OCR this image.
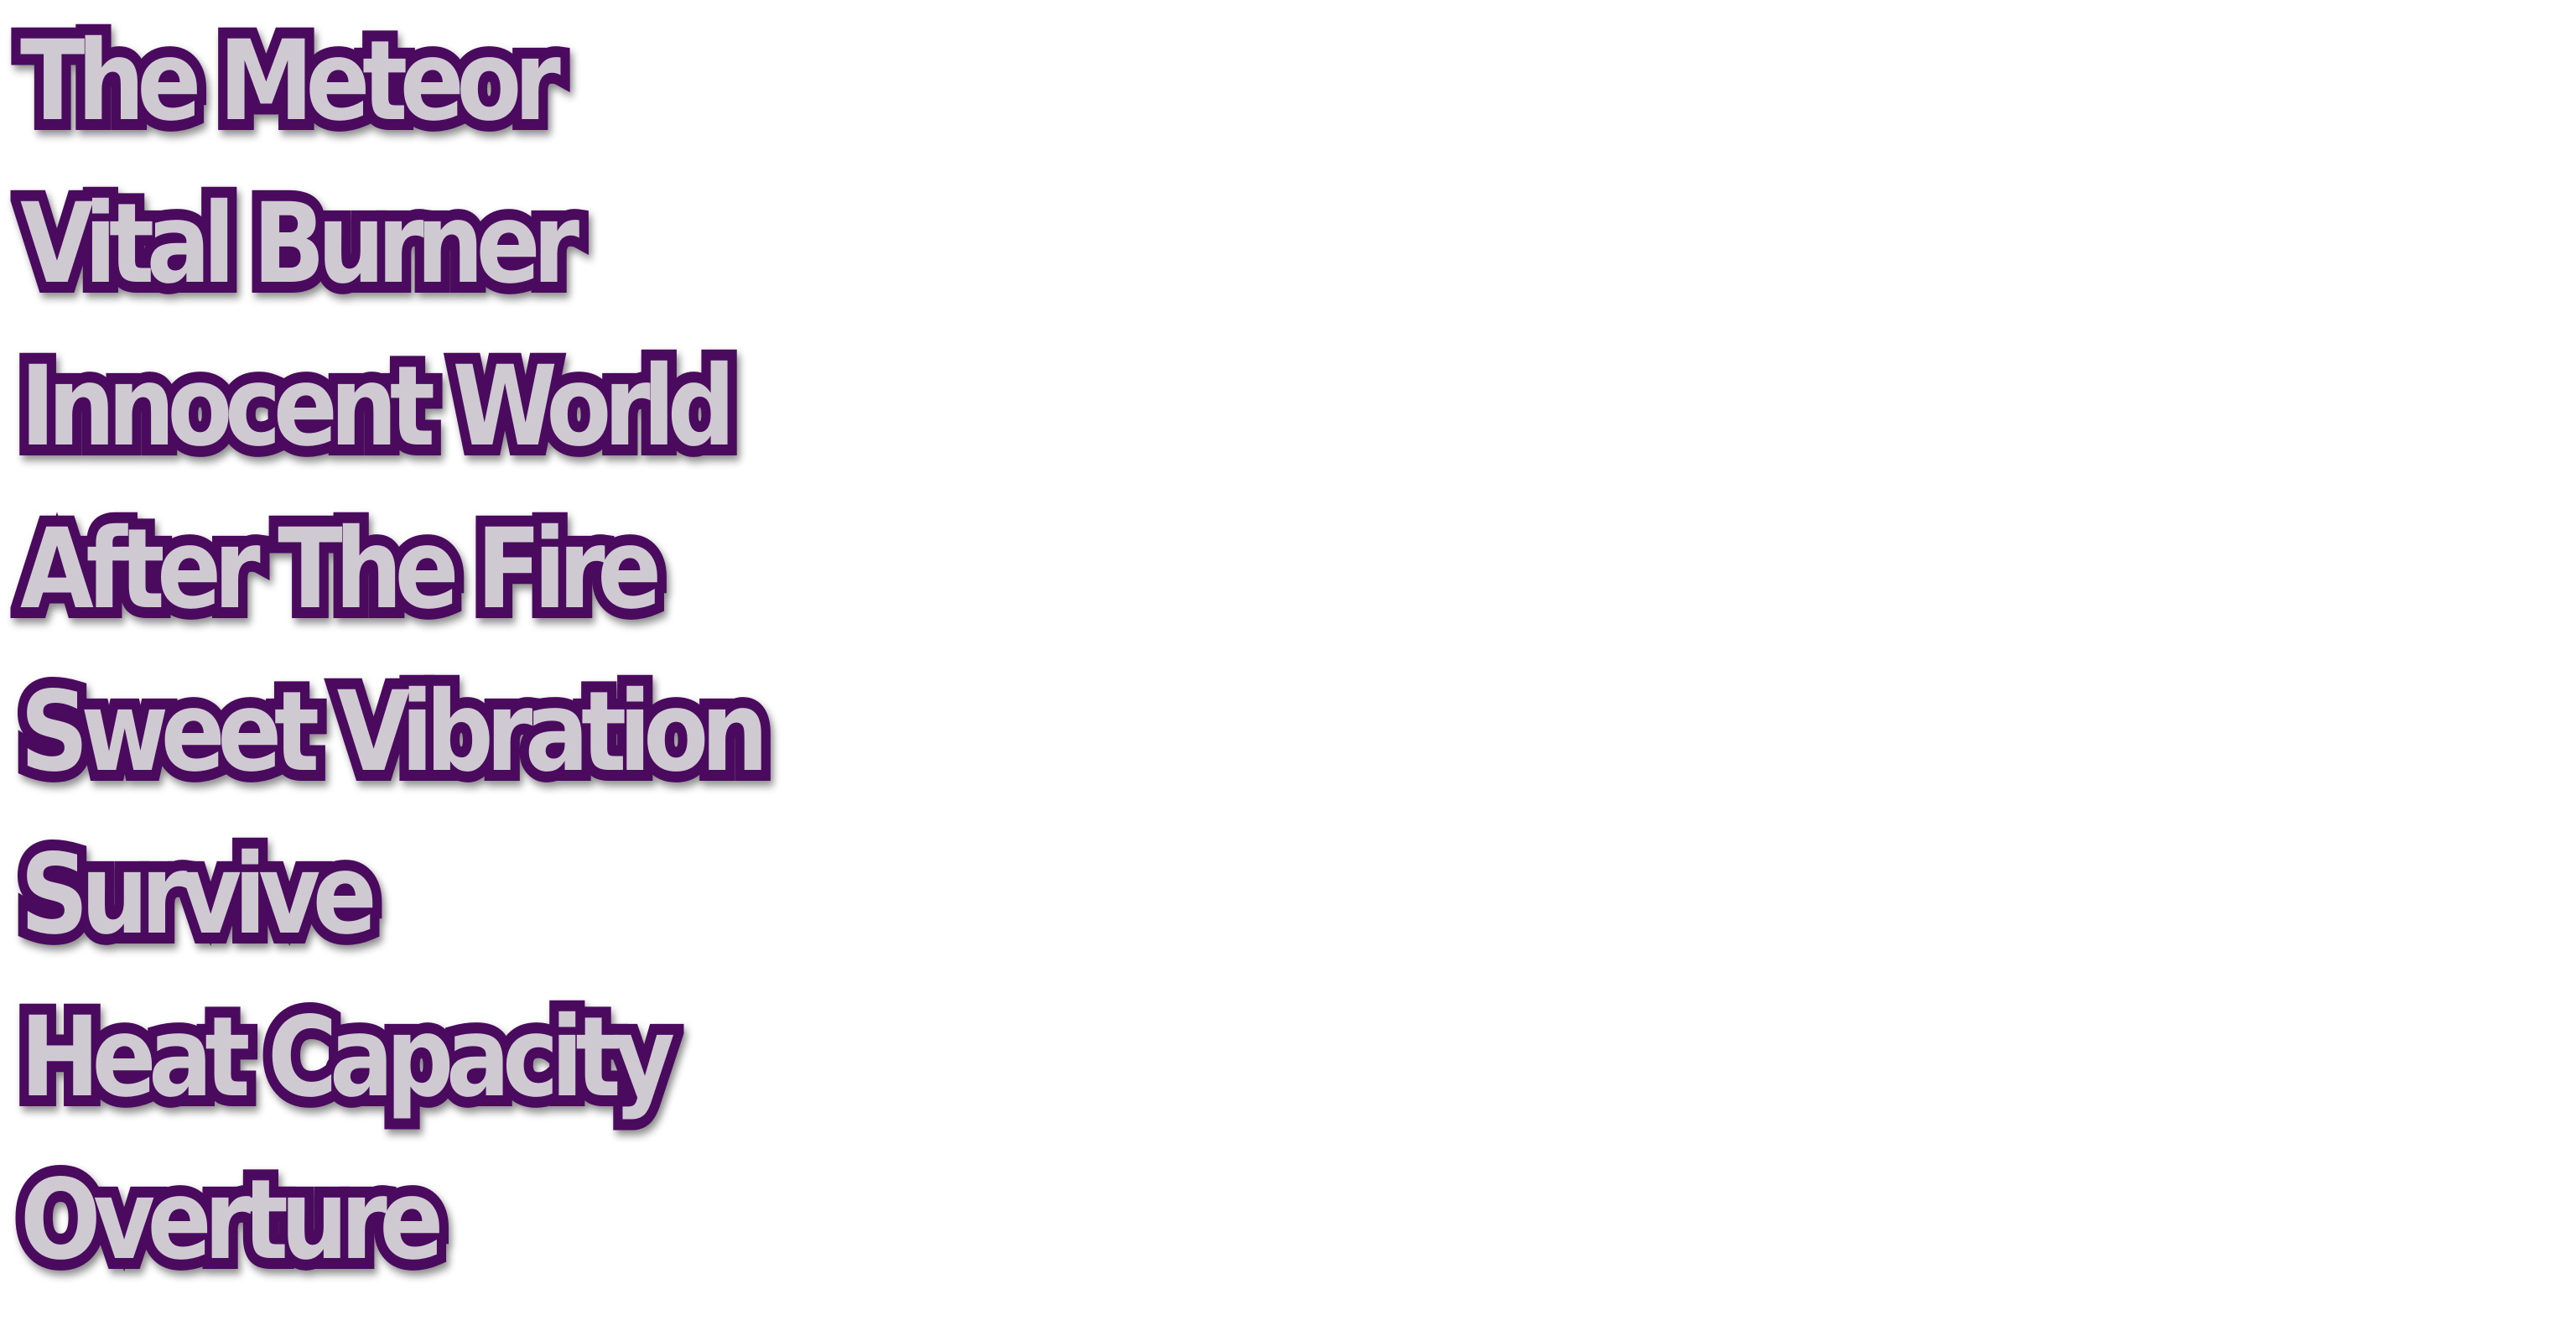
The Meteor
Vital Burner
Innocent World
After The Fire
Sweet Vibration
Survive
Heat Capacity
Overture
